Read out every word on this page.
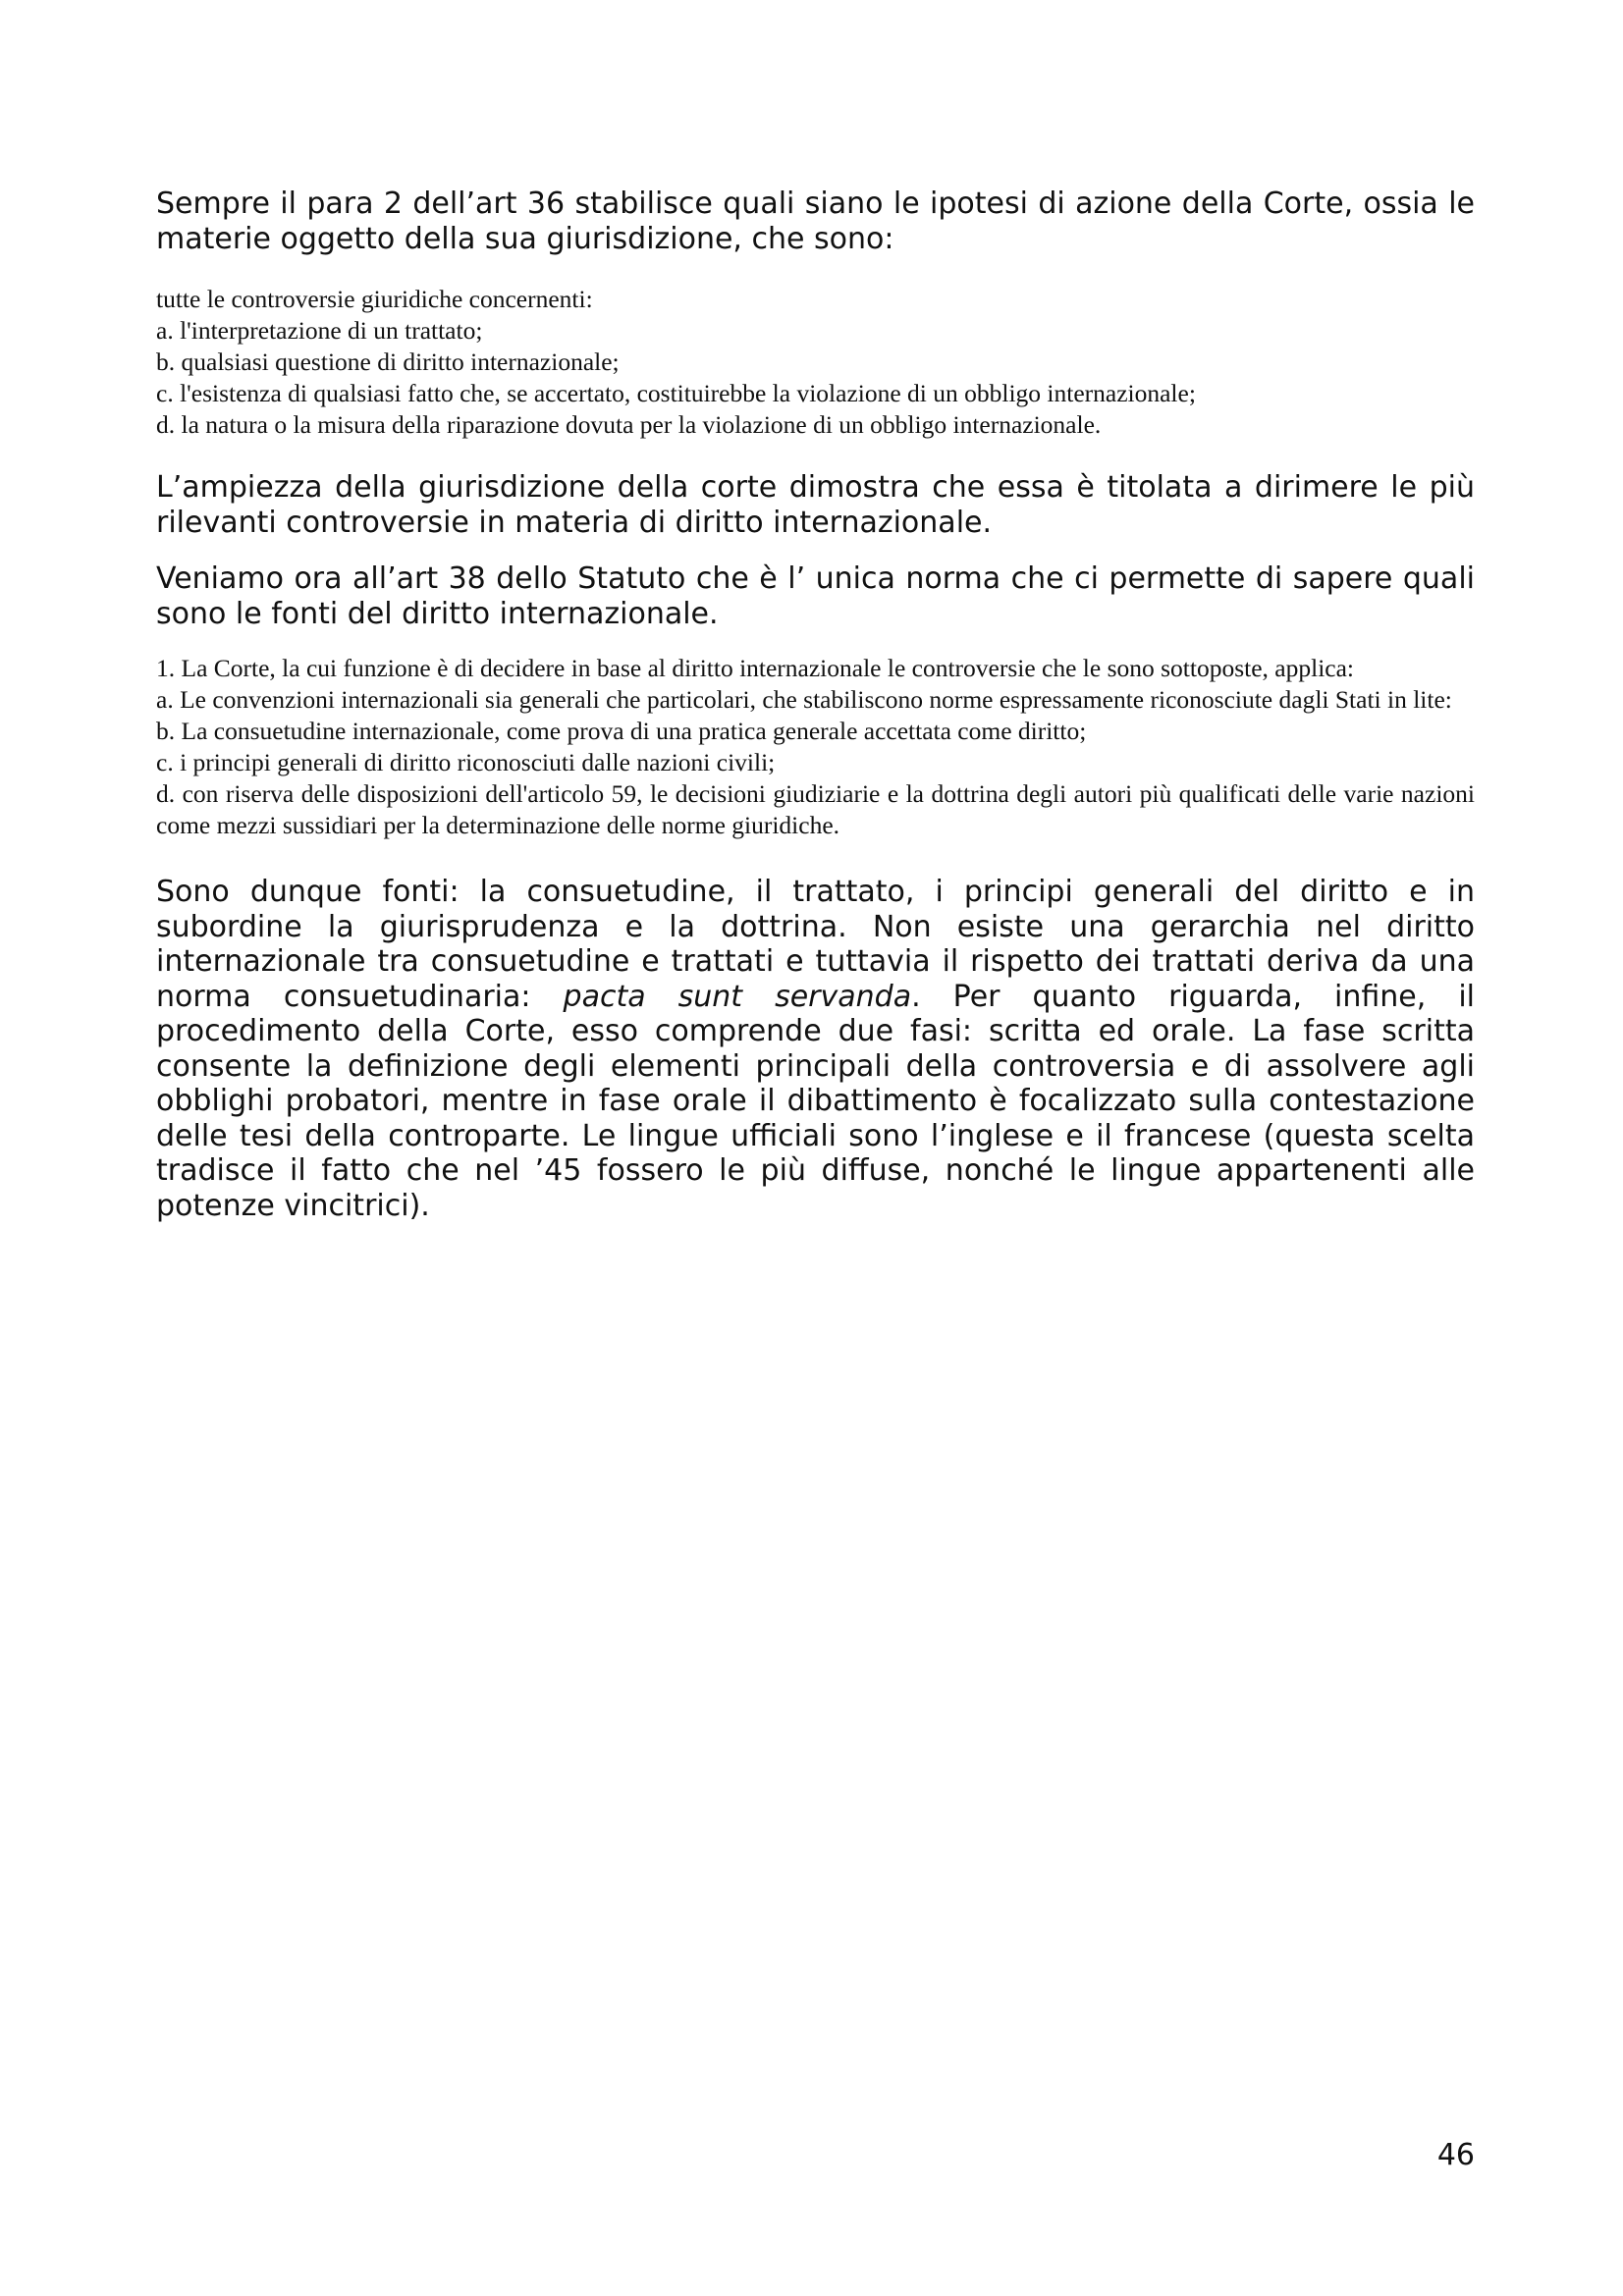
Sempre il para 2 dell’art 36 stabilisce quali siano le ipotesi di azione della Corte, ossia le materie oggetto della sua giurisdizione, che sono:

tutte le controversie giuridiche concernenti:
a. l'interpretazione di un trattato;
b. qualsiasi questione di diritto internazionale;
c. l'esistenza di qualsiasi fatto che, se accertato, costituirebbe la violazione di un obbligo internazionale;
d. la natura o la misura della riparazione dovuta per la violazione di un obbligo internazionale.

L’ampiezza della giurisdizione della corte dimostra che essa è titolata a dirimere le più rilevanti controversie in materia di diritto internazionale.

Veniamo ora all’art 38 dello Statuto che è l’ unica norma che ci permette di sapere quali sono le fonti del diritto internazionale.

1. La Corte, la cui funzione è di decidere in base al diritto internazionale le controversie che le sono sottoposte, applica:
a. Le convenzioni internazionali sia generali che particolari, che stabiliscono norme espressamente riconosciute dagli Stati in lite:
b. La consuetudine internazionale, come prova di una pratica generale accettata come diritto;
c. i principi generali di diritto riconosciuti dalle nazioni civili;
d. con riserva delle disposizioni dell'articolo 59, le decisioni giudiziarie e la dottrina degli autori più qualificati delle varie nazioni come mezzi sussidiari per la determinazione delle norme giuridiche.

Sono dunque fonti: la consuetudine, il trattato, i principi generali del diritto e in subordine la giurisprudenza e la dottrina. Non esiste una gerarchia nel diritto internazionale tra consuetudine e trattati e tuttavia il rispetto dei trattati deriva da una norma consuetudinaria: pacta sunt servanda. Per quanto riguarda, infine, il procedimento della Corte, esso comprende due fasi: scritta ed orale. La fase scritta consente la definizione degli elementi principali della controversia e di assolvere agli obblighi probatori, mentre in fase orale il dibattimento è focalizzato sulla contestazione delle tesi della controparte. Le lingue ufficiali sono l’inglese e il francese (questa scelta tradisce il fatto che nel ’45 fossero le più diffuse, nonché le lingue appartenenti alle potenze vincitrici).

46
